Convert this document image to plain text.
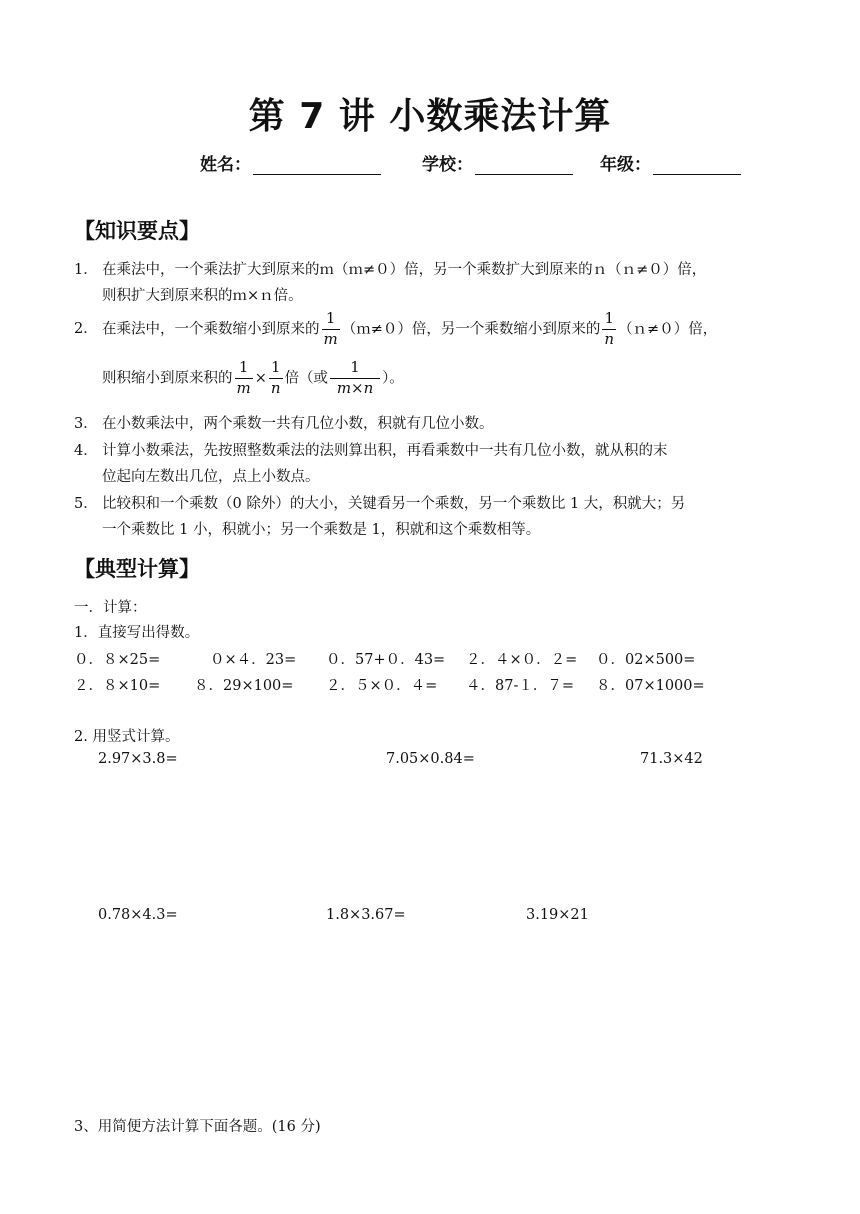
第 7 讲 小数乘法计算
姓名：	学校：	年级：
【知识要点】
1． 在乘法中，一个乘法扩大到原来的ｍ（ｍ≠０）倍，另一个乘数扩大到原来的ｎ（ｎ≠０）倍，
则积扩大到原来积的ｍ×ｎ倍。
2． 在乘法中，一个乘数缩小到原来的 $\frac{1}{m}$ （ｍ≠０）倍，另一个乘数缩小到原来的 $\frac{1}{n}$ （ｎ≠０）倍，
则积缩小到原来积的 $\frac{1}{m} \times \frac{1}{n}$ 倍（或 $\frac{1}{m\times n}$ ）。
3． 在小数乘法中，两个乘数一共有几位小数，积就有几位小数。
4． 计算小数乘法，先按照整数乘法的法则算出积，再看乘数中一共有几位小数，就从积的末
位起向左数出几位，点上小数点。
5． 比较积和一个乘数（0 除外）的大小，关键看另一个乘数，另一个乘数比 1 大，积就大；另
一个乘数比 1 小，积就小；另一个乘数是 1，积就和这个乘数相等。
【典型计算】
一．计算：
1．直接写出得数。
０．８×25=	０×４．23= ０．57+０．43= ２．４×０．２= ０．02×500=
２．８×10= ８．29×100= ２．５×０．４= ４．87-１．７= ８．07×1000=
2. 用竖式计算。
2.97×3.8=	7.05×0.84=	71.3×42
0.78×4.3=	1.8×3.67=	3.19×21
3、用简便方法计算下面各题。(16 分)
